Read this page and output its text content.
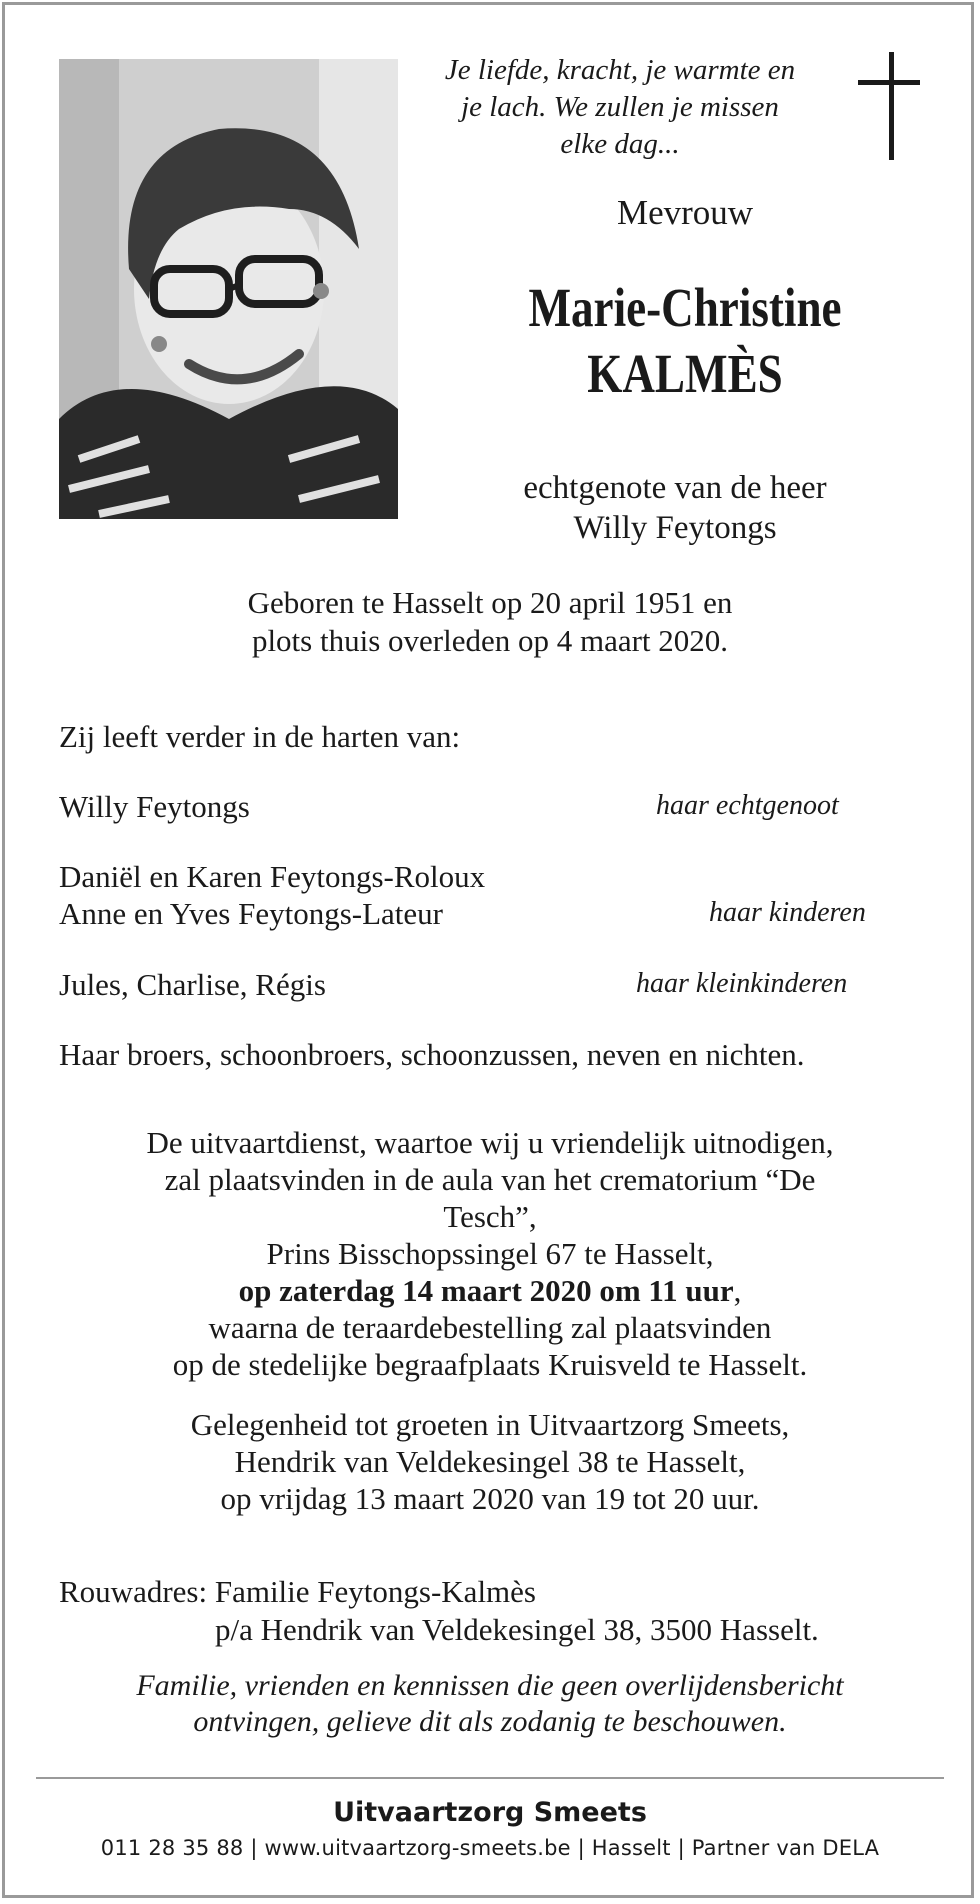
Je liefde, kracht, je warmte en
je lach. We zullen je missen
elke dag...
Mevrouw
Marie-Christine
KALMÈS
echtgenote van de heer
Willy Feytongs
Geboren te Hasselt op 20 april 1951 en
plots thuis overleden op 4 maart 2020.
Zij leeft verder in de harten van:
Willy Feytongs	haar echtgenoot
Daniël en Karen Feytongs-Roloux
Anne en Yves Feytongs-Lateur	haar kinderen
Jules, Charlise, Régis	haar kleinkinderen
Haar broers, schoonbroers, schoonzussen, neven en nichten.
De uitvaartdienst, waartoe wij u vriendelijk uitnodigen,
zal plaatsvinden in de aula van het crematorium “De
Tesch”,
Prins Bisschopssingel 67 te Hasselt,
op zaterdag 14 maart 2020 om 11 uur,
waarna de teraardebestelling zal plaatsvinden
op de stedelijke begraafplaats Kruisveld te Hasselt.
Gelegenheid tot groeten in Uitvaartzorg Smeets,
Hendrik van Veldekesingel 38 te Hasselt,
op vrijdag 13 maart 2020 van 19 tot 20 uur.
Rouwadres: Familie Feytongs-Kalmès
p/a Hendrik van Veldekesingel 38, 3500 Hasselt.
Familie, vrienden en kennissen die geen overlijdensbericht
ontvingen, gelieve dit als zodanig te beschouwen.
Uitvaartzorg Smeets
011 28 35 88 | www.uitvaartzorg-smeets.be | Hasselt | Partner van DELA
